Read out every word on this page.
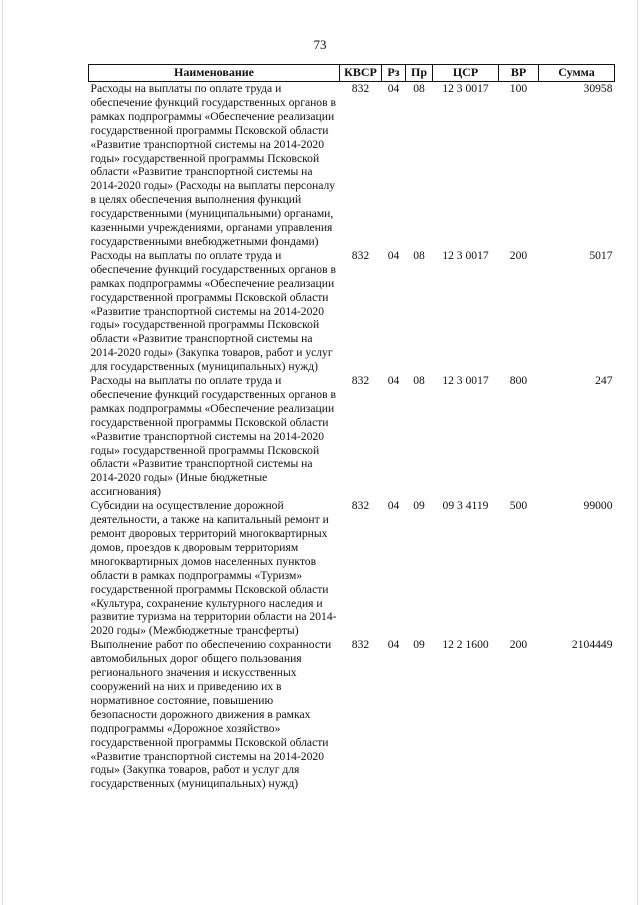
73
Наименование	КВСР	Рз	Пр	ЦСР	ВР	Сумма
Расходы на выплаты по оплате труда и обеспечение функций государственных органов в рамках подпрограммы «Обеспечение реализации государственной программы Псковской области «Развитие транспортной системы на 2014-2020 годы» государственной программы Псковской области «Развитие транспортной системы на 2014-2020 годы» (Расходы на выплаты персоналу в целях обеспечения выполнения функций государственными (муниципальными) органами, казенными учреждениями, органами управления государственными внебюджетными фондами)	832	04	08	12 3 0017	100	30958
Расходы на выплаты по оплате труда и обеспечение функций государственных органов в рамках подпрограммы «Обеспечение реализации государственной программы Псковской области «Развитие транспортной системы на 2014-2020 годы» государственной программы Псковской области «Развитие транспортной системы на 2014-2020 годы» (Закупка товаров, работ и услуг для государственных (муниципальных) нужд)	832	04	08	12 3 0017	200	5017
Расходы на выплаты по оплате труда и обеспечение функций государственных органов в рамках подпрограммы «Обеспечение реализации государственной программы Псковской области «Развитие транспортной системы на 2014-2020 годы» государственной программы Псковской области «Развитие транспортной системы на 2014-2020 годы» (Иные бюджетные ассигнования)	832	04	08	12 3 0017	800	247
Субсидии на осуществление дорожной деятельности, а также на капитальный ремонт и ремонт дворовых территорий многоквартирных домов, проездов к дворовым территориям многоквартирных домов населенных пунктов области в рамках подпрограммы «Туризм» государственной программы Псковской области «Культура, сохранение культурного наследия и развитие туризма на территории области на 2014-2020 годы» (Межбюджетные трансферты)	832	04	09	09 3 4119	500	99000
Выполнение работ по обеспечению сохранности автомобильных дорог общего пользования регионального значения и искусственных сооружений на них и приведению их в нормативное состояние, повышению безопасности дорожного движения в рамках подпрограммы «Дорожное хозяйство» государственной программы Псковской области «Развитие транспортной системы на 2014-2020 годы» (Закупка товаров, работ и услуг для государственных (муниципальных) нужд)	832	04	09	12 2 1600	200	2104449
